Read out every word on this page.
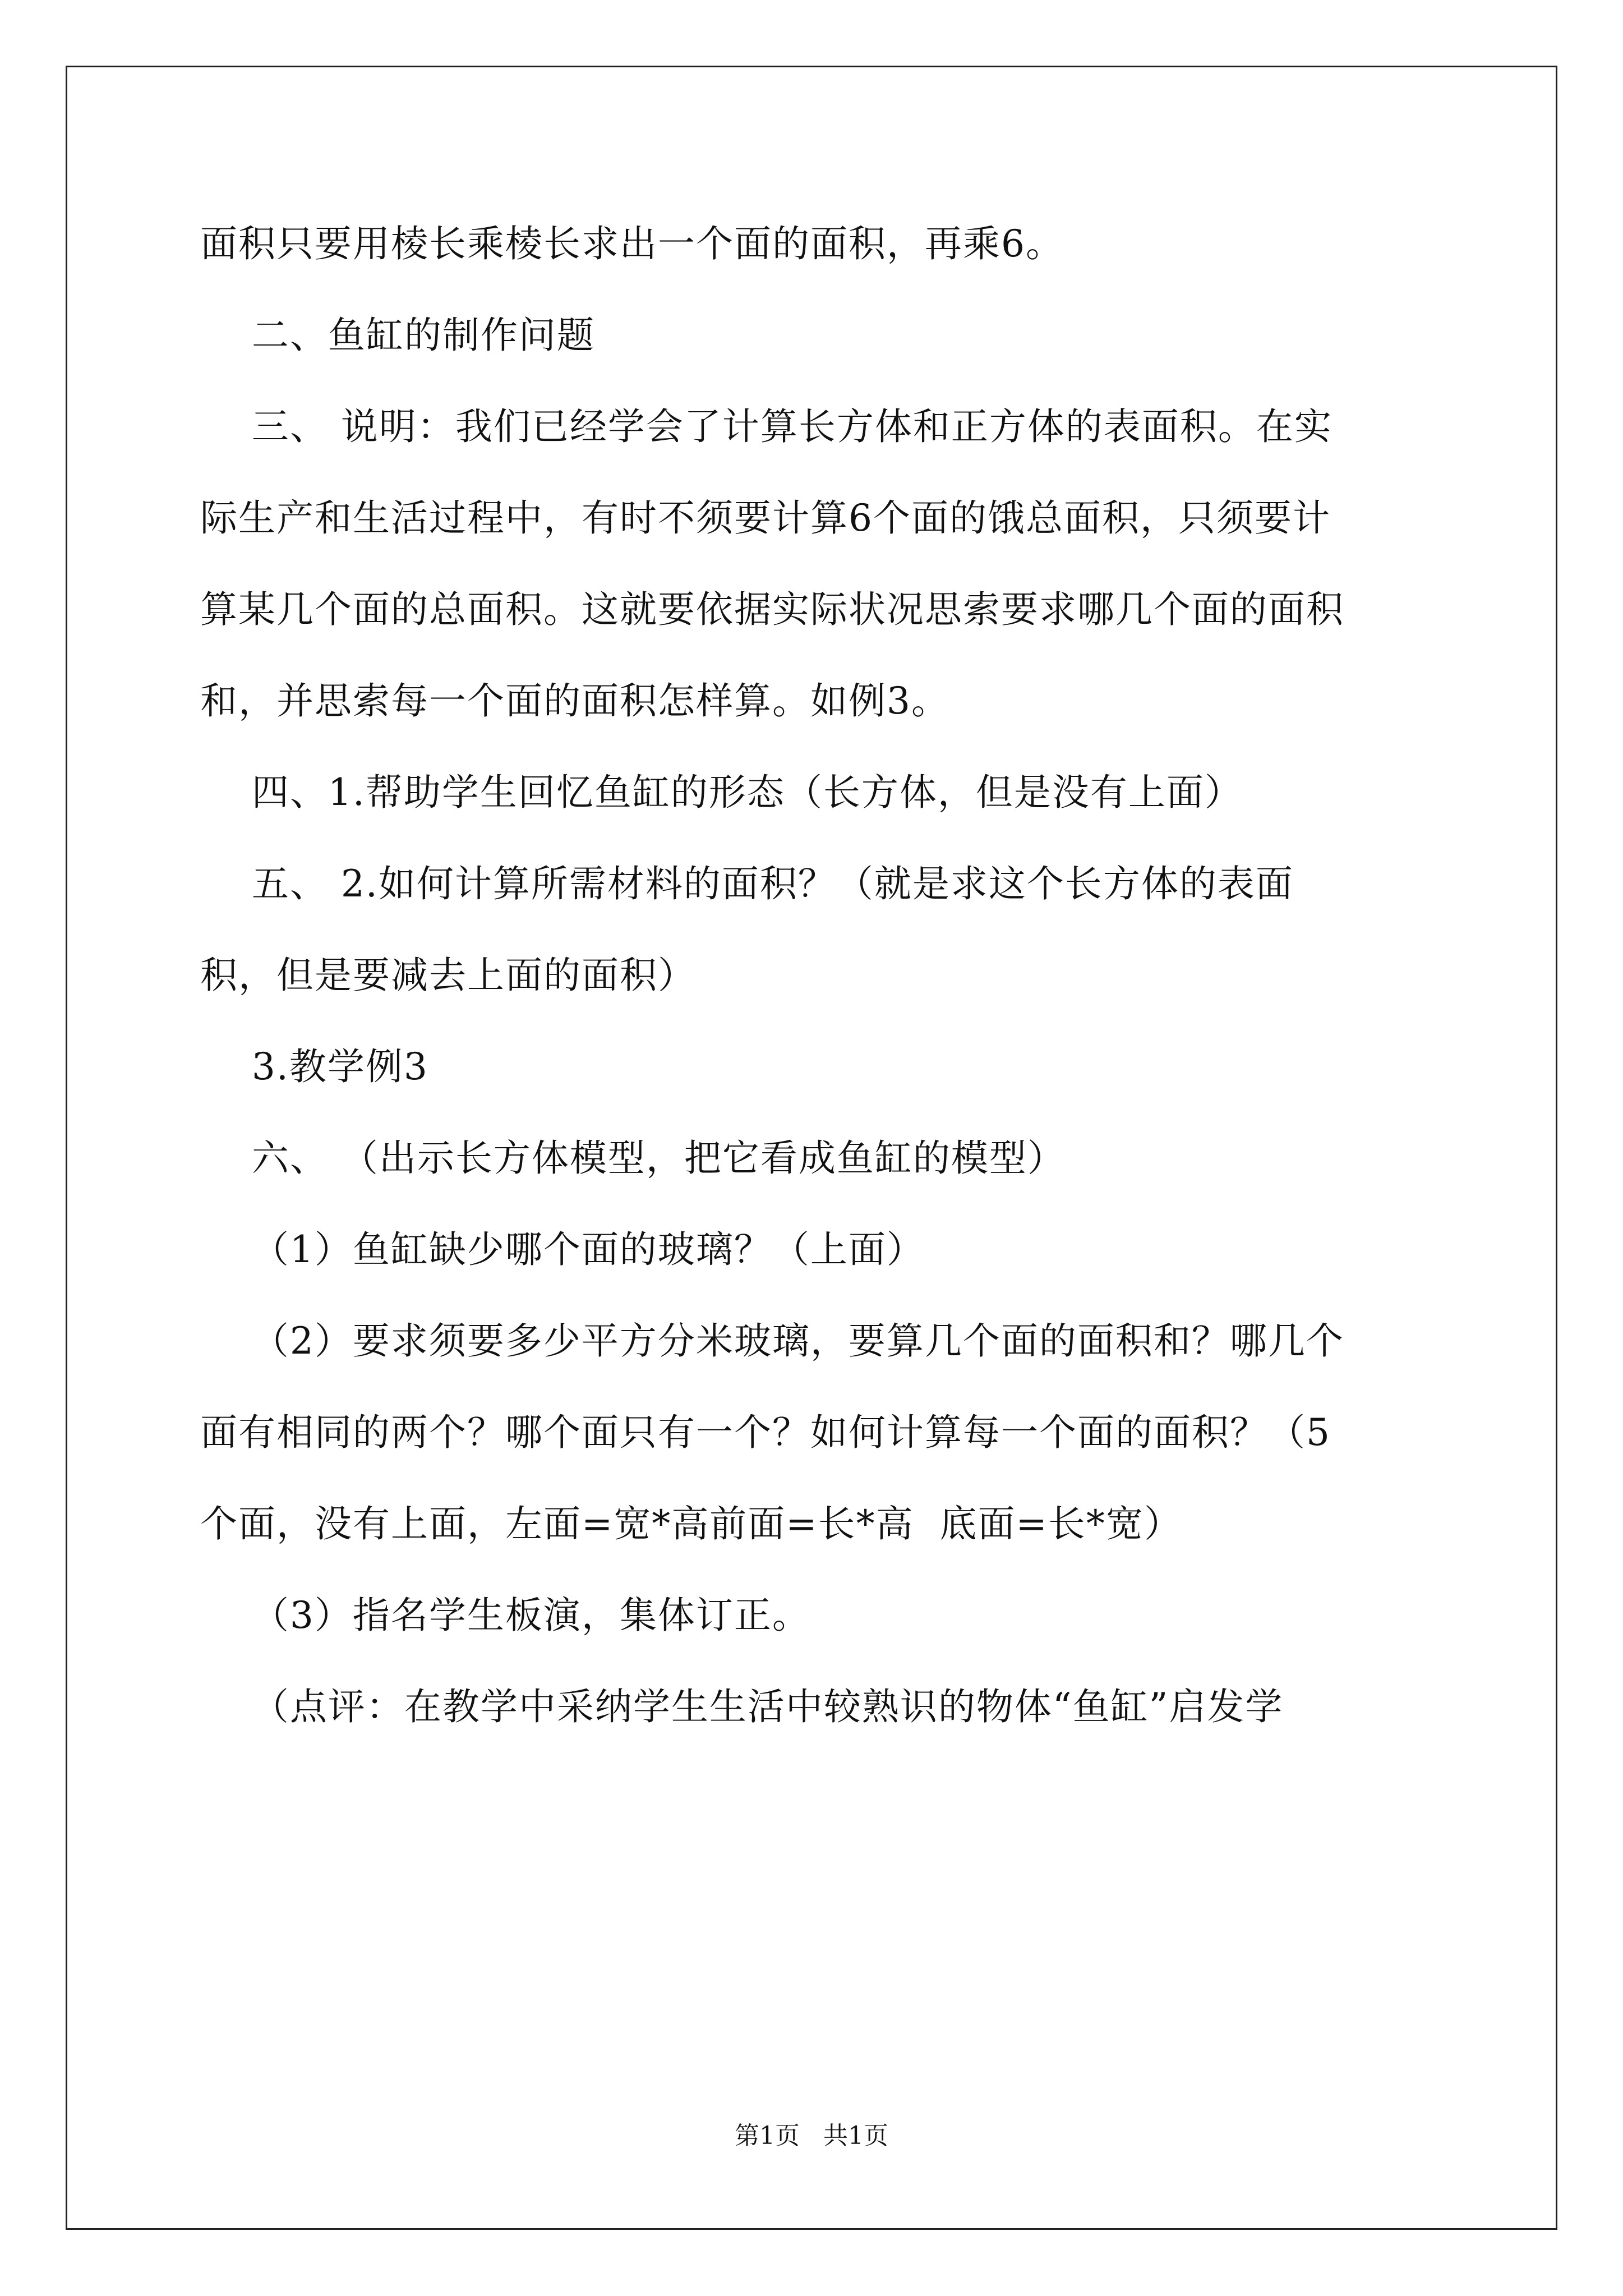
面积只要用棱长乘棱长求出一个面的面积，再乘6。
二、鱼缸的制作问题
三、 说明：我们已经学会了计算长方体和正方体的表面积。在实
际生产和生活过程中，有时不须要计算6个面的饿总面积，只须要计
算某几个面的总面积。这就要依据实际状况思索要求哪几个面的面积
和，并思索每一个面的面积怎样算。如例3。
四、1.帮助学生回忆鱼缸的形态（长方体，但是没有上面）
五、 2.如何计算所需材料的面积？（就是求这个长方体的表面
积，但是要减去上面的面积）
3.教学例3
六、 （出示长方体模型，把它看成鱼缸的模型）
（1）鱼缸缺少哪个面的玻璃？（上面）
（2）要求须要多少平方分米玻璃，要算几个面的面积和？哪几个
面有相同的两个？哪个面只有一个？如何计算每一个面的面积？（5
个面，没有上面，左面=宽*高前面=长*高  底面=长*宽）
（3）指名学生板演，集体订正。
（点评：在教学中采纳学生生活中较熟识的物体“鱼缸”启发学
第1页   共1页
